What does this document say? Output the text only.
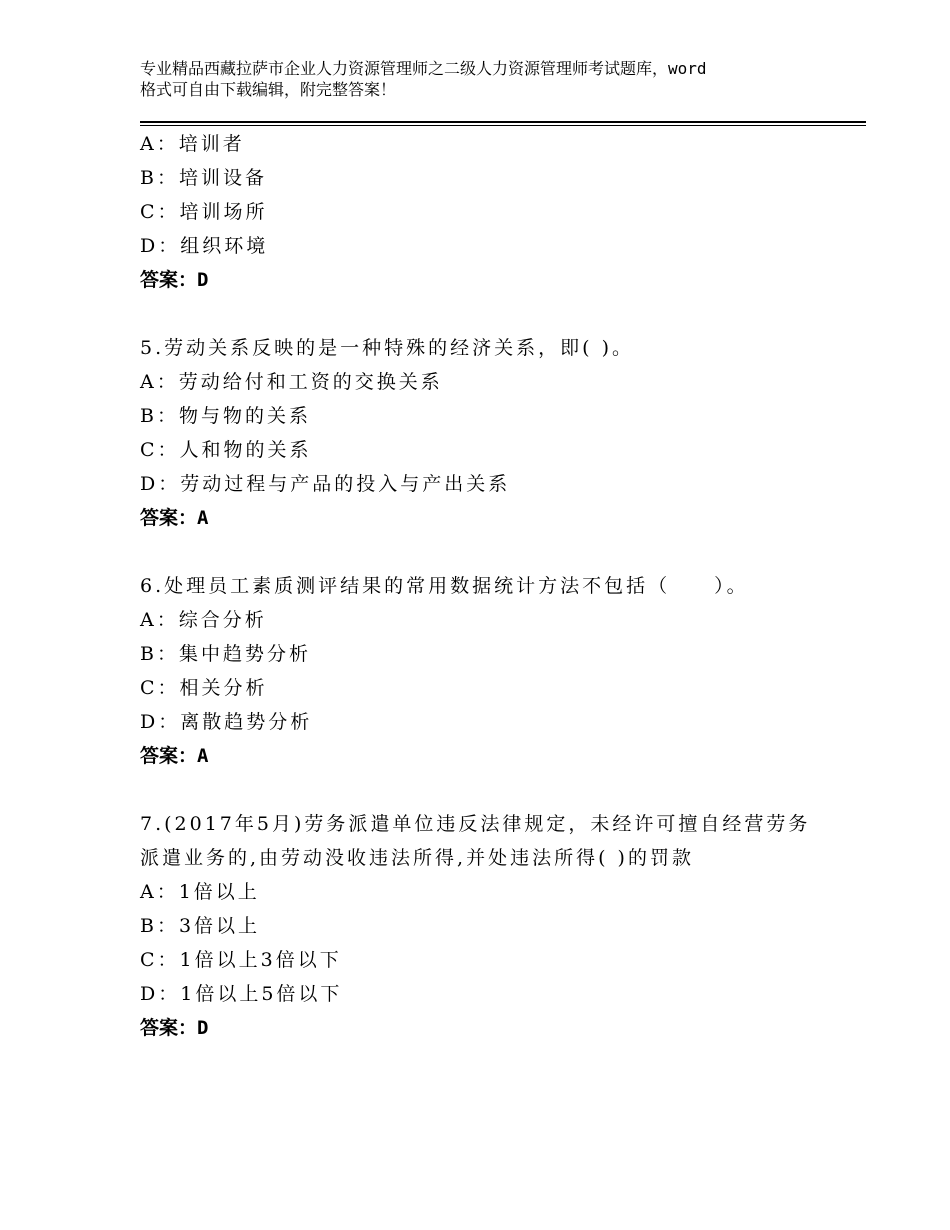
专业精品西藏拉萨市企业人力资源管理师之二级人力资源管理师考试题库，word
格式可自由下载编辑，附完整答案！
A：培训者
B：培训设备
C：培训场所
D：组织环境
答案：D
5.劳动关系反映的是一种特殊的经济关系，即( )。
A：劳动给付和工资的交换关系
B：物与物的关系
C：人和物的关系
D：劳动过程与产品的投入与产出关系
答案：A
6.处理员工素质测评结果的常用数据统计方法不包括（　　）。
A：综合分析
B：集中趋势分析
C：相关分析
D：离散趋势分析
答案：A
7.(2017年5月)劳务派遣单位违反法律规定，未经许可擅自经营劳务
派遣业务的,由劳动没收违法所得,并处违法所得( )的罚款
A：1倍以上
B：3倍以上
C：1倍以上3倍以下
D：1倍以上5倍以下
答案：D
